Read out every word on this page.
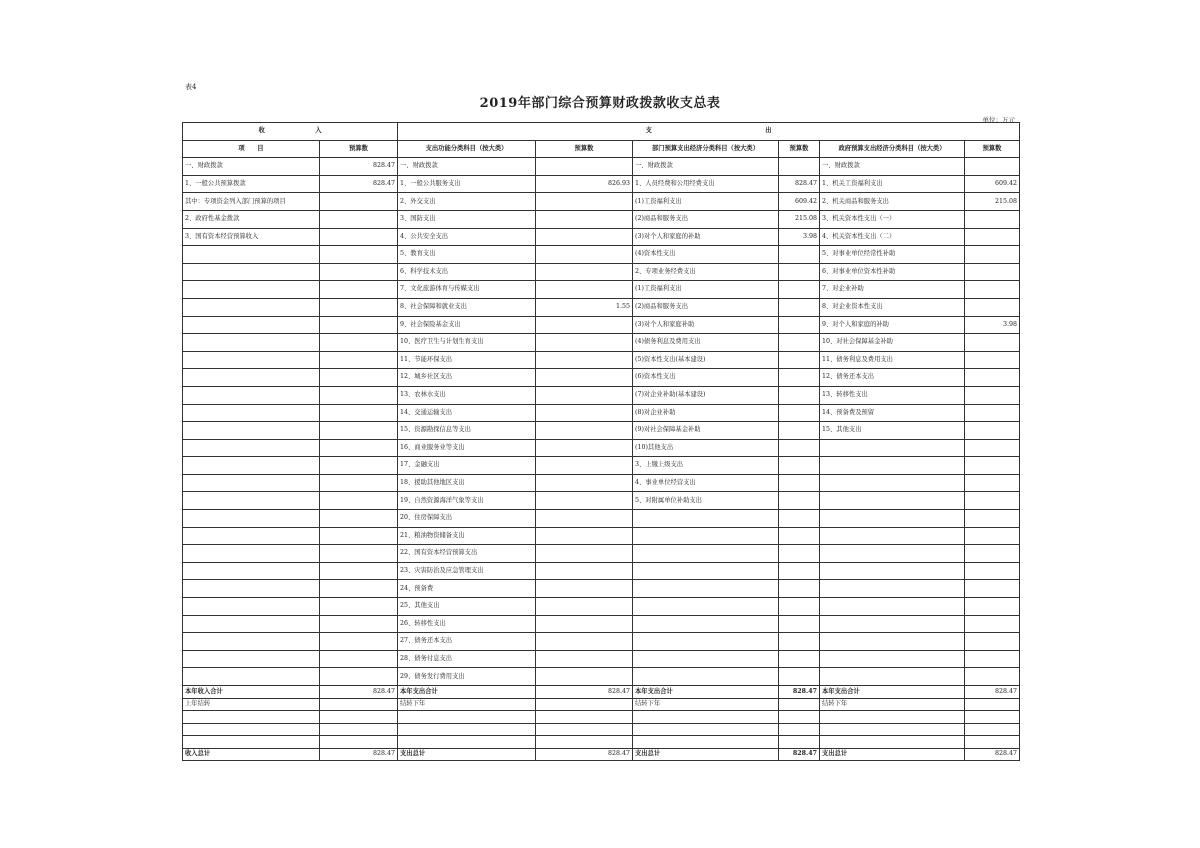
表4
2019年部门综合预算财政拨款收支总表
单位：万元
收　　　　　　　　入		支　　　　　　　　　　　　　　　　　　出					
项　　目	预算数	支出功能分类科目（按大类）	预算数	部门预算支出经济分类科目（按大类）	预算数	政府预算支出经济分类科目（按大类）	预算数
一、财政拨款	828.47	一、财政拨款		一、财政拨款		一、财政拨款	
1、一般公共预算拨款	828.47	1、一般公共服务支出	826.93	1、人员经费和公用经费支出	828.47	1、机关工资福利支出	609.42
其中：专项资金列入部门预算的项目		2、外交支出		(1)工资福利支出	609.42	2、机关商品和服务支出	215.08
2、政府性基金拨款		3、国防支出		(2)商品和服务支出	215.08	3、机关资本性支出（一）	
3、国有资本经营预算收入		4、公共安全支出		(3)对个人和家庭的补助	3.98	4、机关资本性支出（二）	
		5、教育支出		(4)资本性支出		5、对事业单位经常性补助	
		6、科学技术支出		2、专项业务经费支出		6、对事业单位资本性补助	
		7、文化旅游体育与传媒支出		(1)工资福利支出		7、对企业补助	
		8、社会保障和就业支出	1.55	(2)商品和服务支出		8、对企业资本性支出	
		9、社会保险基金支出		(3)对个人和家庭补助		9、对个人和家庭的补助	3.98
		10、医疗卫生与计划生育支出		(4)债务利息及费用支出		10、对社会保障基金补助	
		11、节能环保支出		(5)资本性支出(基本建设)		11、债务利息及费用支出	
		12、城乡社区支出		(6)资本性支出		12、债务还本支出	
		13、农林水支出		(7)对企业补助(基本建设)		13、转移性支出	
		14、交通运输支出		(8)对企业补助		14、预备费及预留	
		15、资源勘探信息等支出		(9)对社会保障基金补助		15、其他支出	
		16、商业服务业等支出		(10)其他支出			
		17、金融支出		3、上缴上级支出			
		18、援助其他地区支出		4、事业单位经营支出			
		19、自然资源海洋气象等支出		5、对附属单位补助支出			
		20、住房保障支出					
		21、粮油物资储备支出					
		22、国有资本经营预算支出					
		23、灾害防治及应急管理支出					
		24、预备费					
		25、其他支出					
		26、转移性支出					
		27、债务还本支出					
		28、债务付息支出					
		29、债务发行费用支出					
本年收入合计	828.47	本年支出合计	828.47	本年支出合计	828.47	本年支出合计	828.47
上年结转		结转下年		结转下年		结转下年	

收入总计	828.47	支出总计	828.47	支出总计	828.47	支出总计	828.47
